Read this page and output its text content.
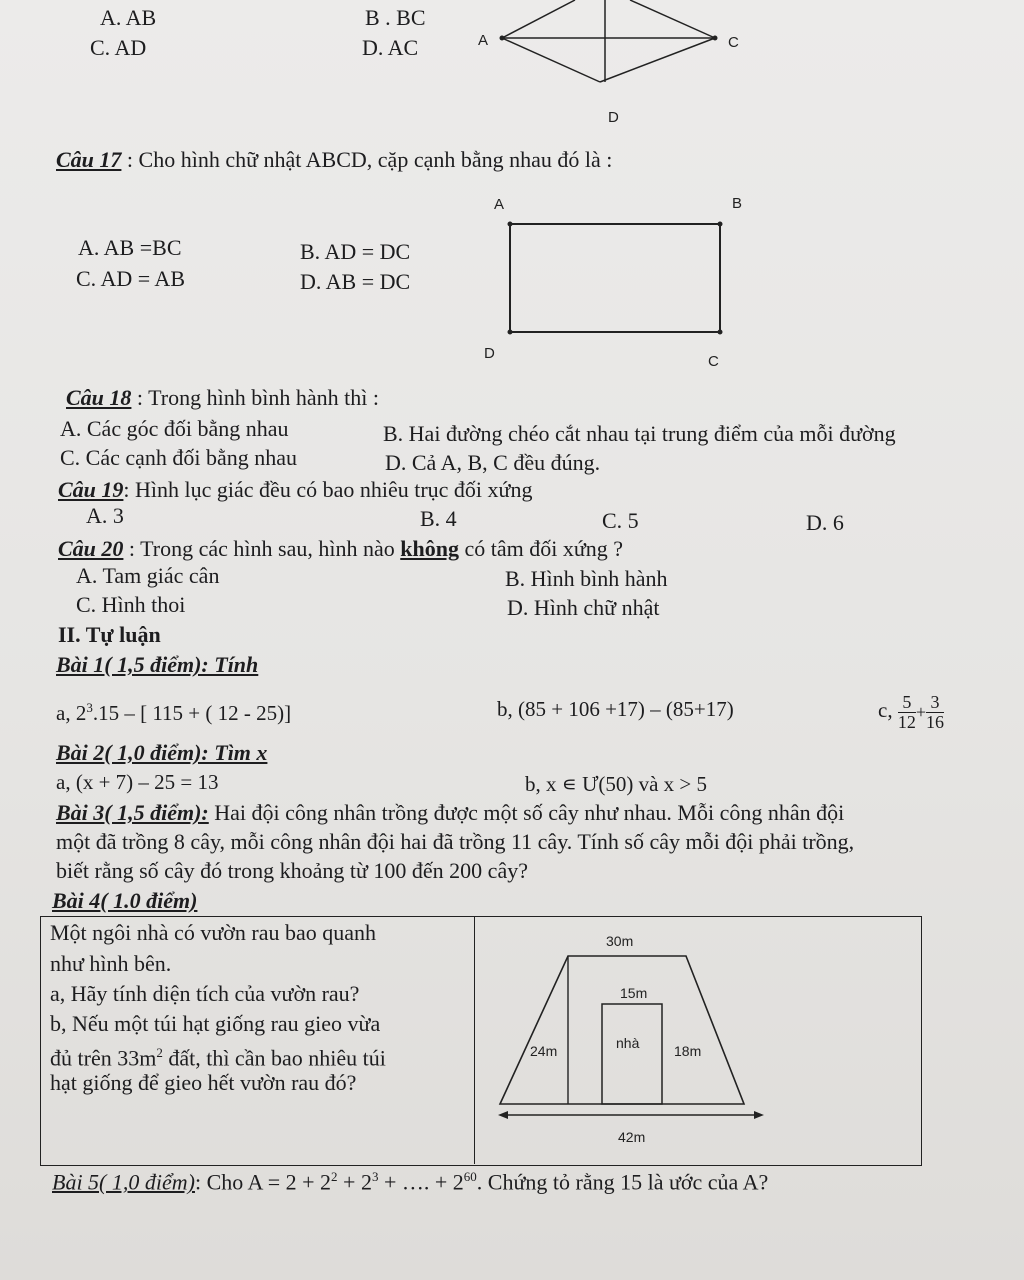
A. AB	B . BC
C. AD	D. AC	A	C
D
Câu 17 : Cho hình chữ nhật ABCD, cặp cạnh bằng nhau đó là :
A. AB =BC	B. AD = DC
C. AD = AB	D. AB = DC
A	B
D	C
Câu 18 : Trong hình bình hành thì :
A. Các góc đối bằng nhau	B. Hai đường chéo cắt nhau tại trung điểm của mỗi đường
C. Các cạnh đối bằng nhau	D. Cả A, B, C đều đúng.
Câu 19: Hình lục giác đều có bao nhiêu trục đối xứng
A. 3	B. 4	C. 5	D. 6
Câu 20 : Trong các hình sau, hình nào không có tâm đối xứng ?
A. Tam giác cân	B. Hình bình hành
C. Hình thoi	D. Hình chữ nhật
II. Tự luận
Bài 1( 1,5 điểm): Tính
a, $2^3.15$ – [ 115 + ( 12 - 25)]	b, (85 + 106 +17) – (85+17)	c, $\frac{5}{12} + \frac{3}{16}$
Bài 2( 1,0 điểm): Tìm x
a, (x + 7) – 25 = 13	b, x ∊ Ư(50) và x > 5
Bài 3( 1,5 điểm): Hai đội công nhân trồng được một số cây như nhau. Mỗi công nhân đội
một đã trồng 8 cây, mỗi công nhân đội hai đã trồng 11 cây. Tính số cây mỗi đội phải trồng,
biết rằng số cây đó trong khoảng từ 100 đến 200 cây?
Bài 4( 1.0 điểm)
Một ngôi nhà có vườn rau bao quanh
như hình bên.
a, Hãy tính diện tích của vườn rau?
b, Nếu một túi hạt giống rau gieo vừa
đủ trên $33m^2$ đất, thì cần bao nhiêu túi
hạt giống để gieo hết vườn rau đó?
30m
15m
24m	nhà 18m
42m
Bài 5( 1,0 điểm): Cho $A = 2 + 2^2 + 2^3$ + …. + $2^{60}$. Chứng tỏ rằng 15 là ước của A?
